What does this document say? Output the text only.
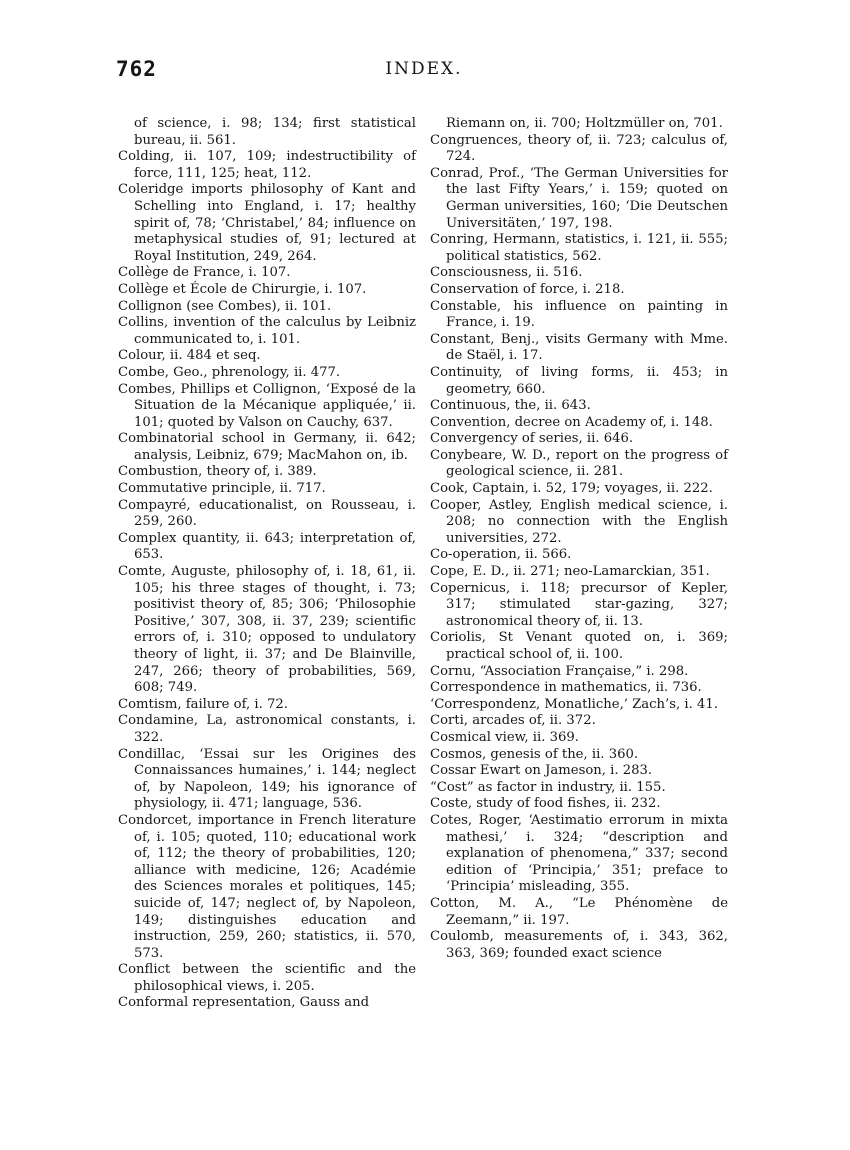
762	INDEX.

of science, i. 98; 134; first statistical bureau, ii. 561.

Colding, ii. 107, 109; indestructibility of force, 111, 125; heat, 112.

Coleridge imports philosophy of Kant and Schelling into England, i. 17; healthy spirit of, 78; ‘Christabel,’ 84; influence on metaphysical studies of, 91; lectured at Royal Institution, 249, 264.

Collège de France, i. 107.

Collège et École de Chirurgie, i. 107.

Collignon (see Combes), ii. 101.

Collins, invention of the calculus by Leibniz communicated to, i. 101.

Colour, ii. 484 et seq.

Combe, Geo., phrenology, ii. 477.

Combes, Phillips et Collignon, ‘Exposé de la Situation de la Mécanique appliquée,’ ii. 101; quoted by Valson on Cauchy, 637.

Combinatorial school in Germany, ii. 642; analysis, Leibniz, 679; MacMahon on, ib.

Combustion, theory of, i. 389.

Commutative principle, ii. 717.

Compayré, educationalist, on Rousseau, i. 259, 260.

Complex quantity, ii. 643; interpretation of, 653.

Comte, Auguste, philosophy of, i. 18, 61, ii. 105; his three stages of thought, i. 73; positivist theory of, 85; 306; ‘Philosophie Positive,’ 307, 308, ii. 37, 239; scientific errors of, i. 310; opposed to undulatory theory of light, ii. 37; and De Blainville, 247, 266; theory of probabilities, 569, 608; 749.

Comtism, failure of, i. 72.

Condamine, La, astronomical constants, i. 322.

Condillac, ‘Essai sur les Origines des Connaissances humaines,’ i. 144; neglect of, by Napoleon, 149; his ignorance of physiology, ii. 471; language, 536.

Condorcet, importance in French literature of, i. 105; quoted, 110; educational work of, 112; the theory of probabilities, 120; alliance with medicine, 126; Académie des Sciences morales et politiques, 145; suicide of, 147; neglect of, by Napoleon, 149; distinguishes education and instruction, 259, 260; statistics, ii. 570, 573.

Conflict between the scientific and the philosophical views, i. 205.

Conformal representation, Gauss and

Riemann on, ii. 700; Holtzmüller on, 701.

Congruences, theory of, ii. 723; calculus of, 724.

Conrad, Prof., ‘The German Universities for the last Fifty Years,’ i. 159; quoted on German universities, 160; ‘Die Deutschen Universitäten,’ 197, 198.

Conring, Hermann, statistics, i. 121, ii. 555; political statistics, 562.

Consciousness, ii. 516.

Conservation of force, i. 218.

Constable, his influence on painting in France, i. 19.

Constant, Benj., visits Germany with Mme. de Staël, i. 17.

Continuity, of living forms, ii. 453; in geometry, 660.

Continuous, the, ii. 643.

Convention, decree on Academy of, i. 148.

Convergency of series, ii. 646.

Conybeare, W. D., report on the progress of geological science, ii. 281.

Cook, Captain, i. 52, 179; voyages, ii. 222.

Cooper, Astley, English medical science, i. 208; no connection with the English universities, 272.

Co-operation, ii. 566.

Cope, E. D., ii. 271; neo-Lamarckian, 351.

Copernicus, i. 118; precursor of Kepler, 317; stimulated star-gazing, 327; astronomical theory of, ii. 13.

Coriolis, St Venant quoted on, i. 369; practical school of, ii. 100.

Cornu, “Association Française,” i. 298.

Correspondence in mathematics, ii. 736.

‘Correspondenz, Monatliche,’ Zach’s, i. 41.

Corti, arcades of, ii. 372.

Cosmical view, ii. 369.

Cosmos, genesis of the, ii. 360.

Cossar Ewart on Jameson, i. 283.

“Cost” as factor in industry, ii. 155.

Coste, study of food fishes, ii. 232.

Cotes, Roger, ‘Aestimatio errorum in mixta mathesi,’ i. 324; “description and explanation of phenomena,” 337; second edition of ‘Principia,’ 351; preface to ‘Principia’ misleading, 355.

Cotton, M. A., “Le Phénomène de Zeemann,” ii. 197.

Coulomb, measurements of, i. 343, 362, 363, 369; founded exact science
